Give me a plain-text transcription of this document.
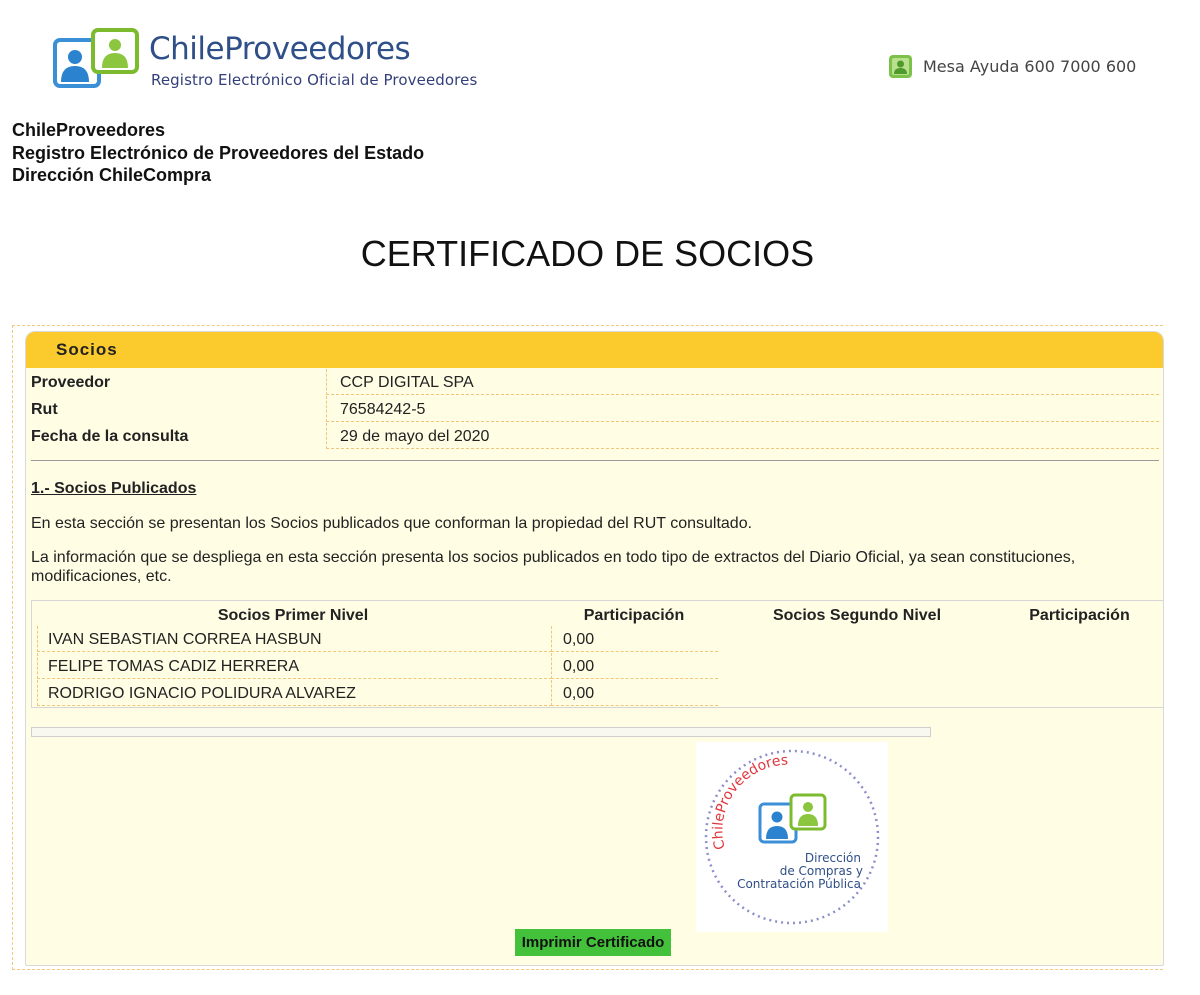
ChileProveedores
Registro Electrónico Oficial de Proveedores
Mesa Ayuda 600 7000 600
ChileProveedores
Registro Electrónico de Proveedores del Estado
Dirección ChileCompra
CERTIFICADO DE SOCIOS
Socios
Proveedor	CCP DIGITAL SPA
Rut	76584242-5
Fecha de la consulta	29 de mayo del 2020
1.- Socios Publicados
En esta sección se presentan los Socios publicados que conforman la propiedad del RUT consultado.
La información que se despliega en esta sección presenta los socios publicados en todo tipo de extractos del Diario Oficial, ya sean constituciones, modificaciones, etc.
Socios Primer Nivel	Participación	Socios Segundo Nivel	Participación
IVAN SEBASTIAN CORREA HASBUN	0,00
FELIPE TOMAS CADIZ HERRERA	0,00
RODRIGO IGNACIO POLIDURA ALVAREZ	0,00
ChileProveedores
Dirección
de Compras y
Contratación Pública
Imprimir Certificado
